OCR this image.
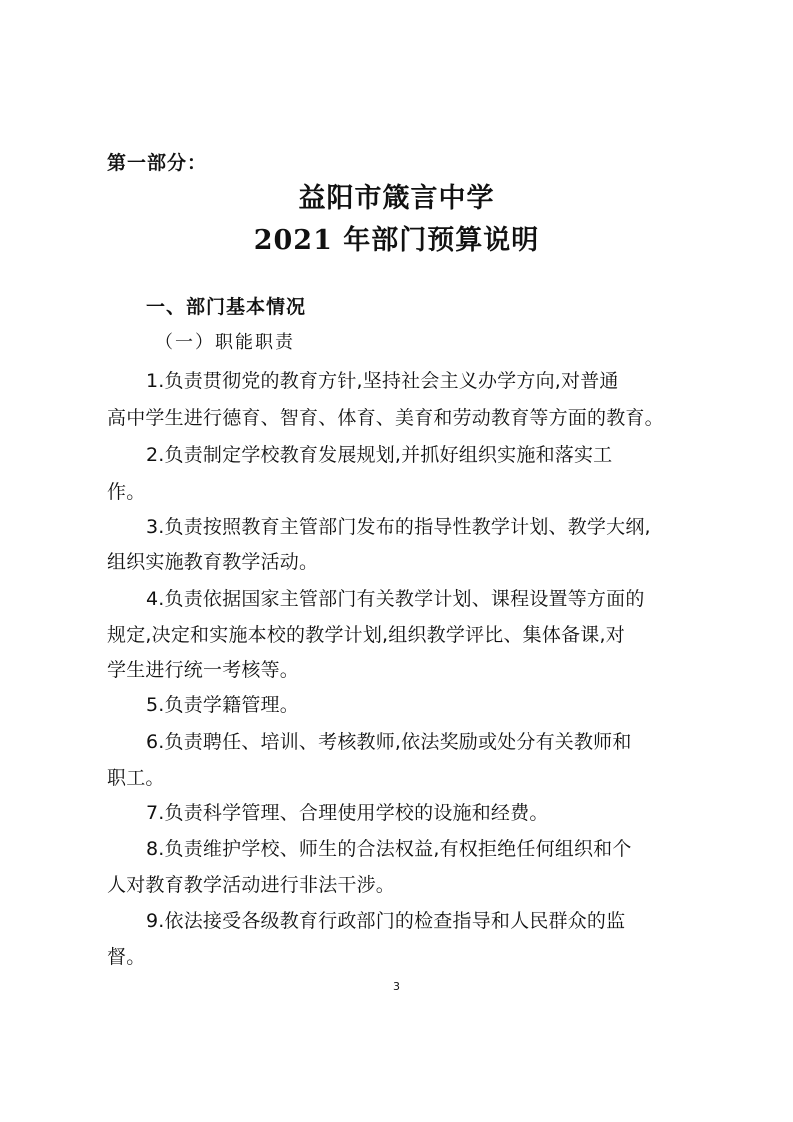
第一部分：
益阳市箴言中学
2021 年部门预算说明
一、部门基本情况
（一）职能职责
1.负责贯彻党的教育方针,坚持社会主义办学方向,对普通
高中学生进行德育、智育、体育、美育和劳动教育等方面的教育。
2.负责制定学校教育发展规划,并抓好组织实施和落实工
作。
3.负责按照教育主管部门发布的指导性教学计划、教学大纲,
组织实施教育教学活动。
4.负责依据国家主管部门有关教学计划、课程设置等方面的
规定,决定和实施本校的教学计划,组织教学评比、集体备课,对
学生进行统一考核等。
5.负责学籍管理。
6.负责聘任、培训、考核教师,依法奖励或处分有关教师和
职工。
7.负责科学管理、合理使用学校的设施和经费。
8.负责维护学校、师生的合法权益,有权拒绝任何组织和个
人对教育教学活动进行非法干涉。
9.依法接受各级教育行政部门的检查指导和人民群众的监
督。
3
